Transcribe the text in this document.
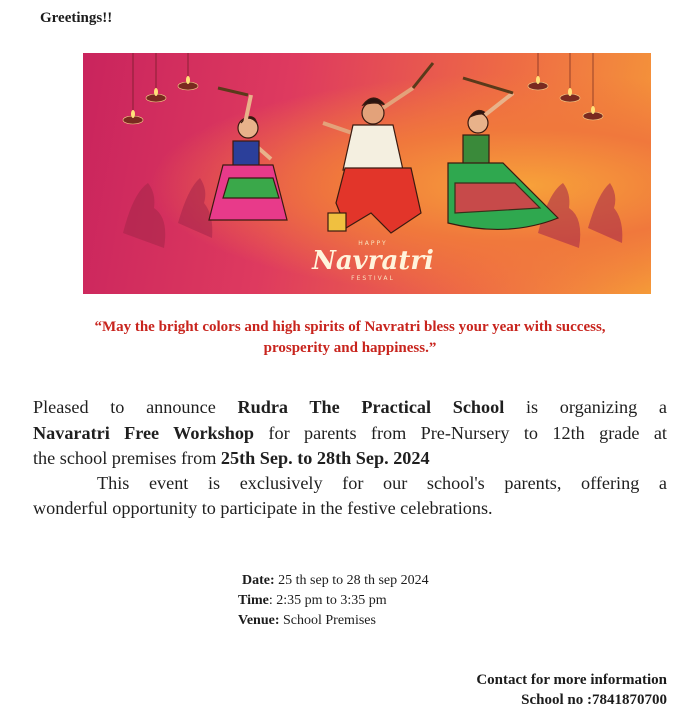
Greetings!!
HAPPY
Navratri
FESTIVAL
“May the bright colors and high spirits of Navratri bless your year with success,
prosperity and happiness.”
Pleased to announce Rudra The Practical School is organizing a
Navaratri Free Workshop for parents from Pre-Nursery to 12th grade at
the school premises from 25th Sep. to 28th Sep. 2024
This event is exclusively for our school's parents, offering a
wonderful opportunity to participate in the festive celebrations.
Date: 25 th sep to 28 th sep 2024
Time: 2:35 pm to 3:35 pm
Venue: School Premises
Contact for more information
School no :7841870700
